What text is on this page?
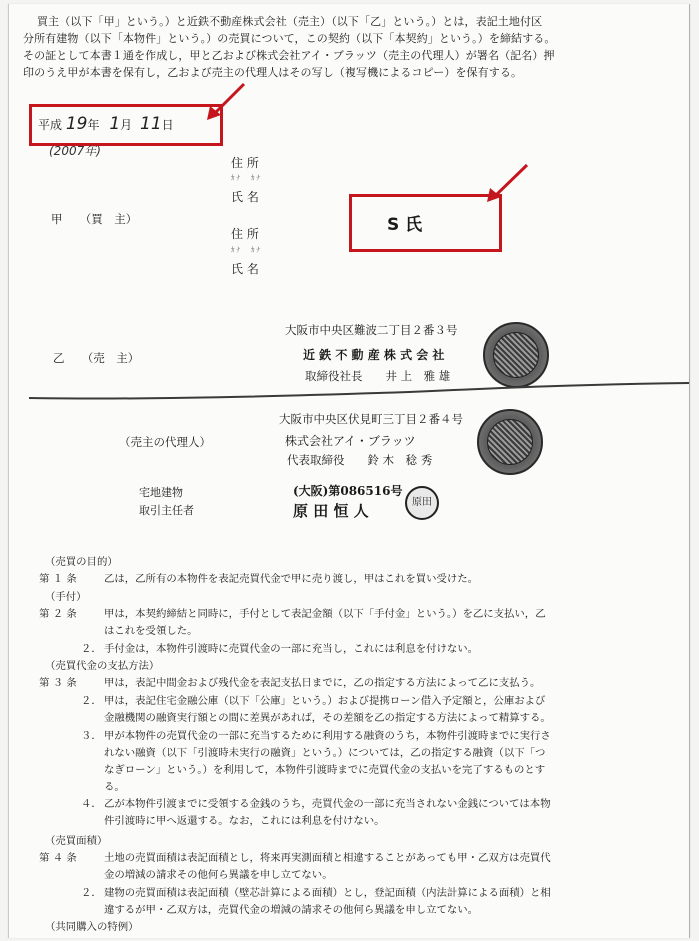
買主（以下「甲」という。）と近鉄不動産株式会社（売主）（以下「乙」という。）とは，表記土地付区
分所有建物（以下「本物件」という。）の売買について，この契約（以下「本契約」という。）を締結する。
その証として本書１通を作成し，甲と乙および株式会社アイ・ブラッツ（売主の代理人）が署名（記名）押
印のうえ甲が本書を保有し，乙および売主の代理人はその写し（複写機によるコピー）を保有する。
平成 19年 1月 11日
(2007年)
住 所
ｶﾅ　ｶﾅ
氏 名
甲　　（買　主）
住 所
ｶﾅ　ｶﾅ
氏 名
S 氏
大阪市中央区難波二丁目２番３号
乙　　（売　主）	近 鉄 不 動 産 株 式 会 社
取締役社長　　井 上　雅 雄
大阪市中央区伏見町三丁目２番４号
（売主の代理人）	株式会社アイ・ブラッツ
代表取締役　　鈴 木　稔 秀
宅地建物
取引主任者
(大阪)第086516号
原 田 恒 人	原田
（売買の目的）
第 １ 条	乙は，乙所有の本物件を表記売買代金で甲に売り渡し，甲はこれを買い受けた。
（手付）
第 ２ 条	甲は，本契約締結と同時に，手付として表記金額（以下「手付金」という。）を乙に支払い，乙
はこれを受領した。
２． 手付金は，本物件引渡時に売買代金の一部に充当し，これには利息を付けない。
（売買代金の支払方法）
第 ３ 条	甲は，表記中間金および残代金を表記支払日までに，乙の指定する方法によって乙に支払う。
２． 甲は，表記住宅金融公庫（以下「公庫」という。）および提携ローン借入予定額と，公庫および
金融機関の融資実行額との間に差異があれば，その差額を乙の指定する方法によって精算する。
３． 甲が本物件の売買代金の一部に充当するために利用する融資のうち，本物件引渡時までに実行さ
れない融資（以下「引渡時未実行の融資」という。）については，乙の指定する融資（以下「つ
なぎローン」という。）を利用して，本物件引渡時までに売買代金の支払いを完了するものとす
る。
４． 乙が本物件引渡までに受領する金銭のうち，売買代金の一部に充当されない金銭については本物
件引渡時に甲へ返還する。なお，これには利息を付けない。
（売買面積）
第 ４ 条	土地の売買面積は表記面積とし，将来再実測面積と相違することがあっても甲・乙双方は売買代
金の増減の請求その他何ら異議を申し立てない。
２． 建物の売買面積は表記面積（壁芯計算による面積）とし，登記面積（内法計算による面積）と相
違するが甲・乙双方は，売買代金の増減の請求その他何ら異議を申し立てない。
（共同購入の特例）
